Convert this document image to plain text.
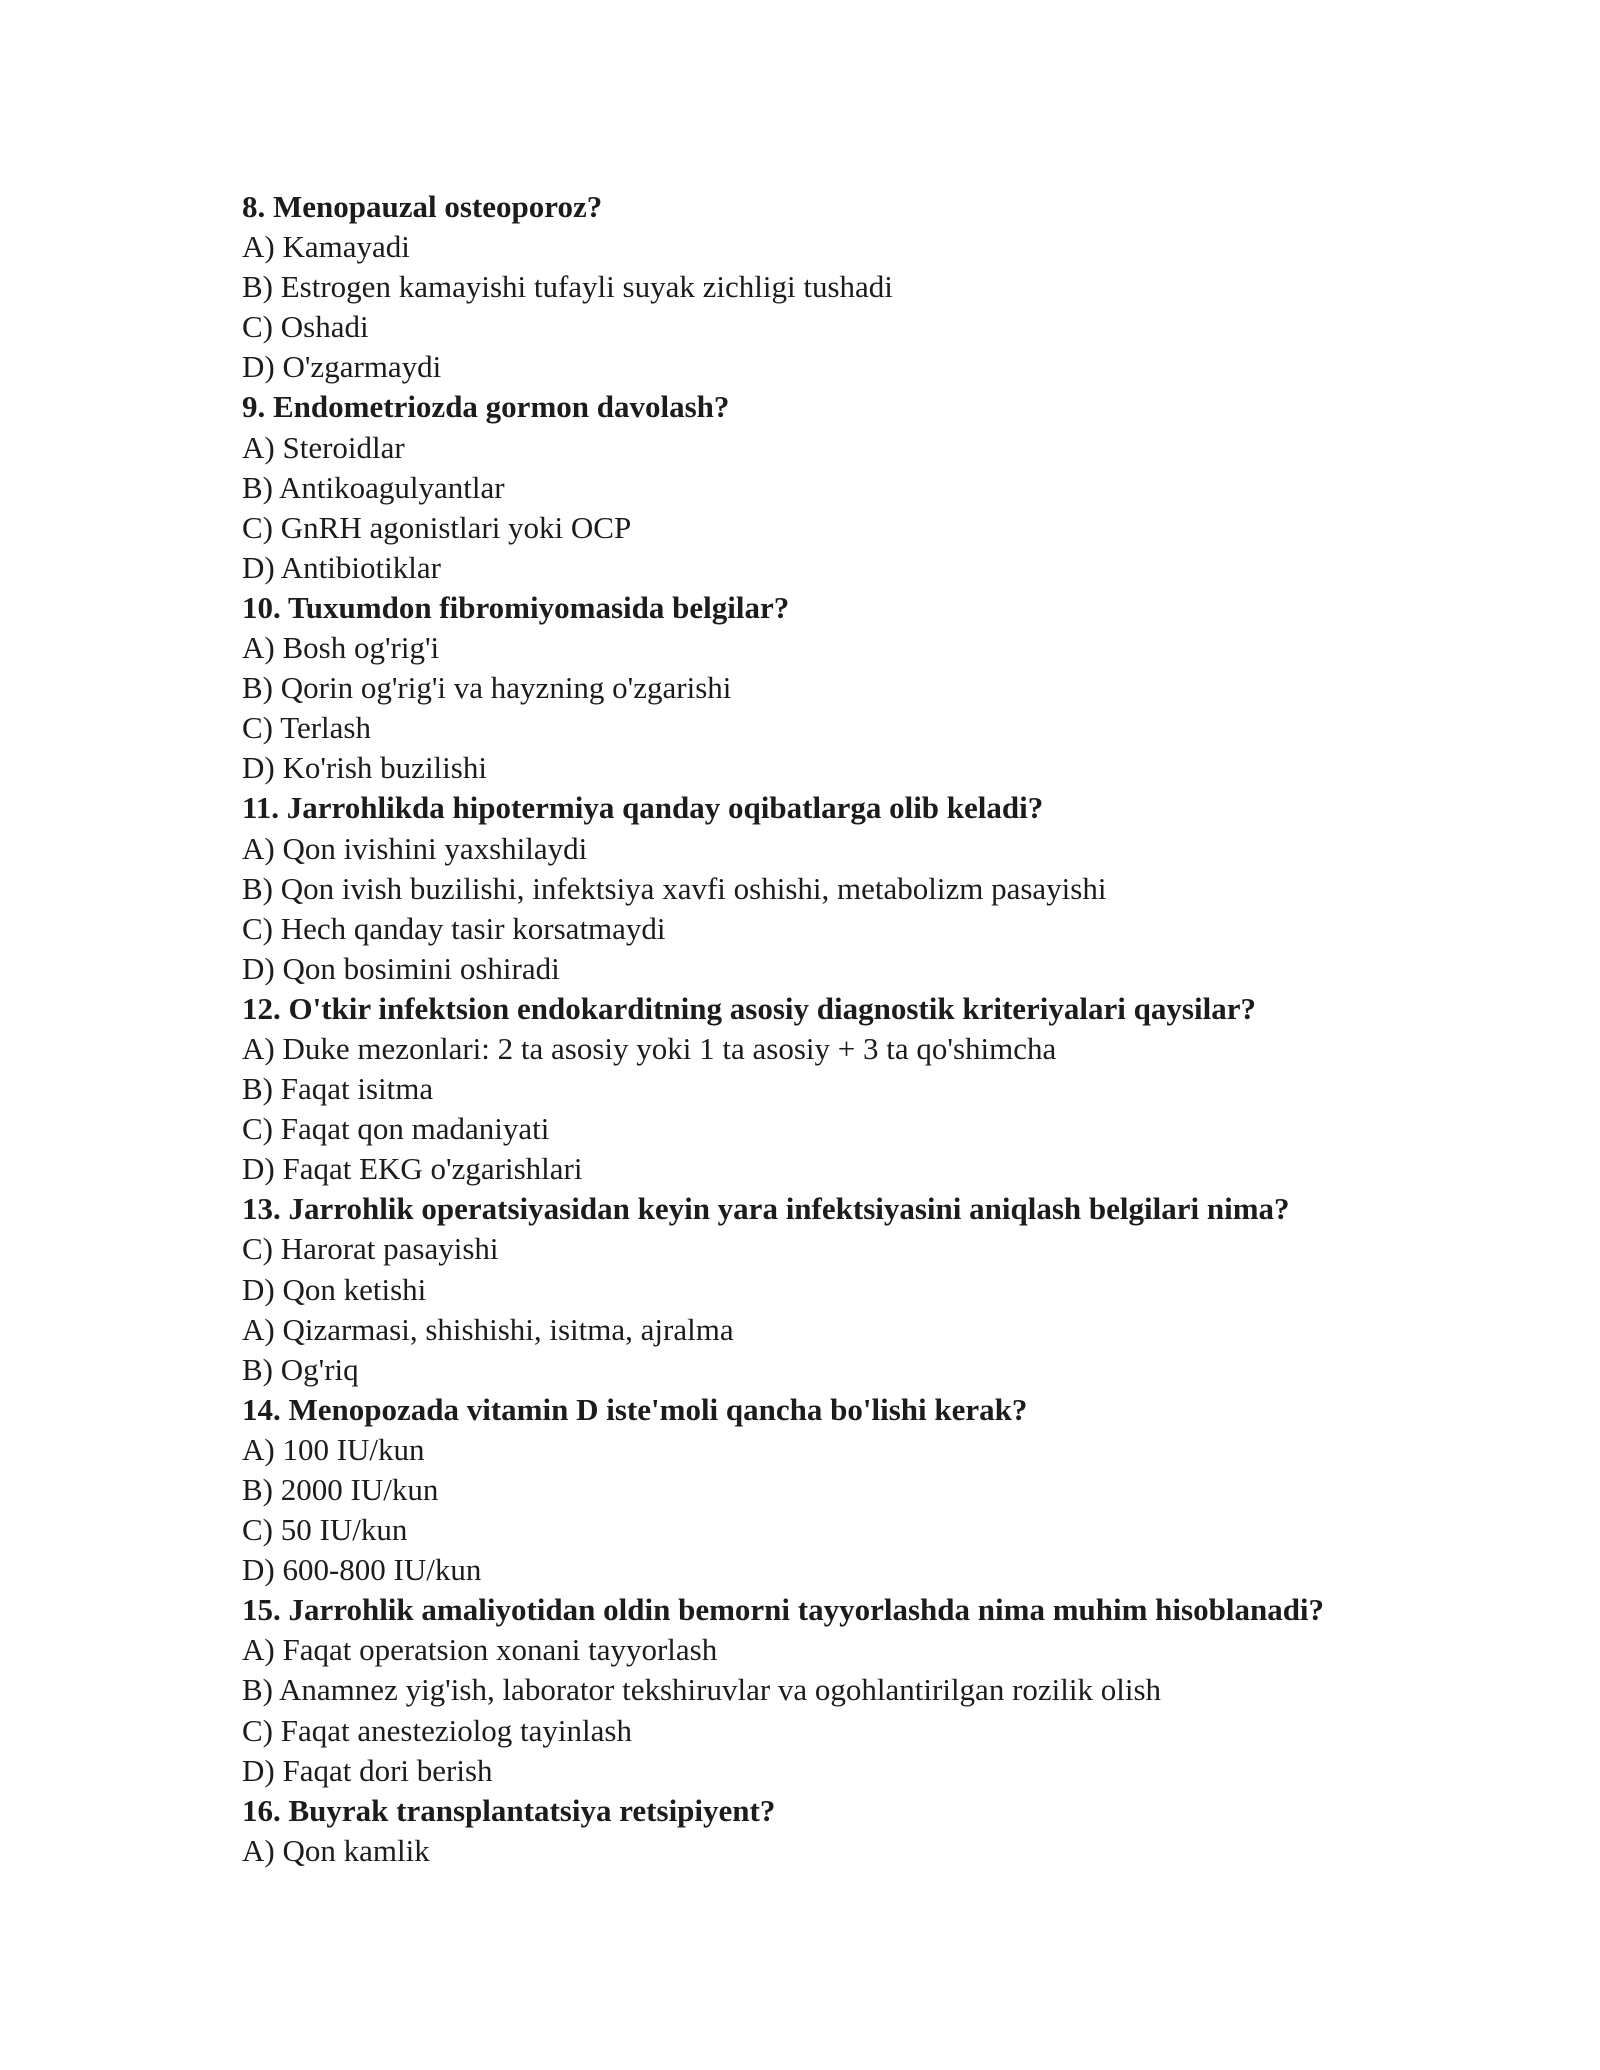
8. Menopauzal osteoporoz?
A) Kamayadi
B) Estrogen kamayishi tufayli suyak zichligi tushadi
C) Oshadi
D) O'zgarmaydi
9. Endometriozda gormon davolash?
A) Steroidlar
B) Antikoagulyantlar
C) GnRH agonistlari yoki OCP
D) Antibiotiklar
10. Tuxumdon fibromiyomasida belgilar?
A) Bosh og'rig'i
B) Qorin og'rig'i va hayzning o'zgarishi
C) Terlash
D) Ko'rish buzilishi
11. Jarrohlikda hipotermiya qanday oqibatlarga olib keladi?
A) Qon ivishini yaxshilaydi
B) Qon ivish buzilishi, infektsiya xavfi oshishi, metabolizm pasayishi
C) Hech qanday tasir korsatmaydi
D) Qon bosimini oshiradi
12. O'tkir infektsion endokarditning asosiy diagnostik kriteriyalari qaysilar?
A) Duke mezonlari: 2 ta asosiy yoki 1 ta asosiy + 3 ta qo'shimcha
B) Faqat isitma
C) Faqat qon madaniyati
D) Faqat EKG o'zgarishlari
13. Jarrohlik operatsiyasidan keyin yara infektsiyasini aniqlash belgilari nima?
C) Harorat pasayishi
D) Qon ketishi
A) Qizarmasi, shishishi, isitma, ajralma
B) Og'riq
14. Menopozada vitamin D iste'moli qancha bo'lishi kerak?
A) 100 IU/kun
B) 2000 IU/kun
C) 50 IU/kun
D) 600-800 IU/kun
15. Jarrohlik amaliyotidan oldin bemorni tayyorlashda nima muhim hisoblanadi?
A) Faqat operatsion xonani tayyorlash
B) Anamnez yig'ish, laborator tekshiruvlar va ogohlantirilgan rozilik olish
C) Faqat anesteziolog tayinlash
D) Faqat dori berish
16. Buyrak transplantatsiya retsipiyent?
A) Qon kamlik
